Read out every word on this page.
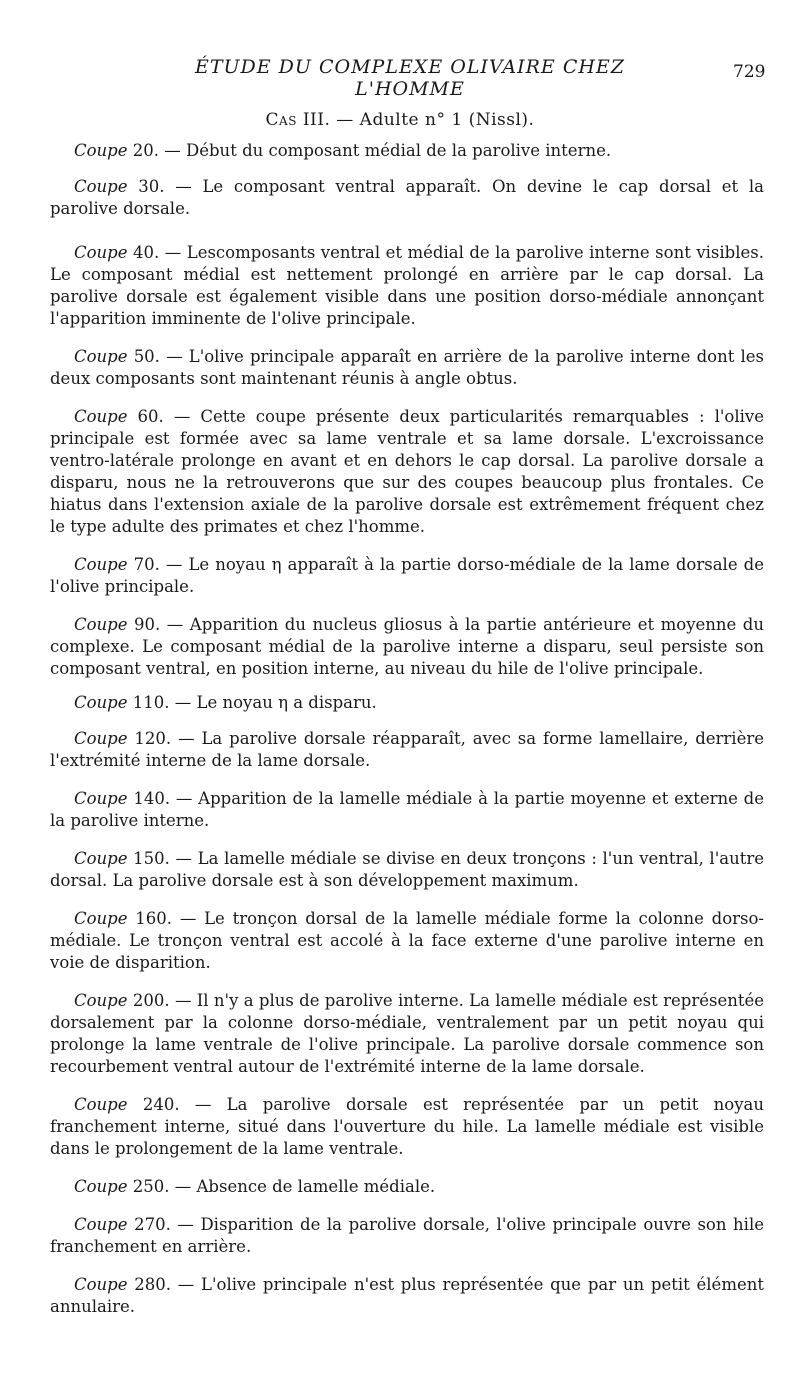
ÉTUDE DU COMPLEXE OLIVAIRE CHEZ L'HOMME
729
Cas III. — Adulte n° 1 (Nissl).

Coupe 20. — Début du composant médial de la parolive interne.

Coupe 30. — Le composant ventral apparaît. On devine le cap dorsal et la parolive dorsale.

Coupe 40. — Lescomposants ventral et médial de la parolive interne sont visibles. Le composant médial est nettement prolongé en arrière par le cap dorsal. La parolive dorsale est également visible dans une position dorso-médiale annonçant l'apparition imminente de l'olive principale.

Coupe 50. — L'olive principale apparaît en arrière de la parolive interne dont les deux composants sont maintenant réunis à angle obtus.

Coupe 60. — Cette coupe présente deux particularités remarquables : l'olive principale est formée avec sa lame ventrale et sa lame dorsale. L'excroissance ventro-latérale prolonge en avant et en dehors le cap dorsal. La parolive dorsale a disparu, nous ne la retrouverons que sur des coupes beaucoup plus frontales. Ce hiatus dans l'extension axiale de la parolive dorsale est extrêmement fréquent chez le type adulte des primates et chez l'homme.

Coupe 70. — Le noyau η apparaît à la partie dorso-médiale de la lame dorsale de l'olive principale.

Coupe 90. — Apparition du nucleus gliosus à la partie antérieure et moyenne du complexe. Le composant médial de la parolive interne a disparu, seul persiste son composant ventral, en position interne, au niveau du hile de l'olive principale.

Coupe 110. — Le noyau η a disparu.

Coupe 120. — La parolive dorsale réapparaît, avec sa forme lamellaire, derrière l'extrémité interne de la lame dorsale.

Coupe 140. — Apparition de la lamelle médiale à la partie moyenne et externe de la parolive interne.

Coupe 150. — La lamelle médiale se divise en deux tronçons : l'un ventral, l'autre dorsal. La parolive dorsale est à son développement maximum.

Coupe 160. — Le tronçon dorsal de la lamelle médiale forme la colonne dorso-médiale. Le tronçon ventral est accolé à la face externe d'une parolive interne en voie de disparition.

Coupe 200. — Il n'y a plus de parolive interne. La lamelle médiale est représentée dorsalement par la colonne dorso-médiale, ventralement par un petit noyau qui prolonge la lame ventrale de l'olive principale. La parolive dorsale commence son recourbement ventral autour de l'extrémité interne de la lame dorsale.

Coupe 240. — La parolive dorsale est représentée par un petit noyau franchement interne, situé dans l'ouverture du hile. La lamelle médiale est visible dans le prolongement de la lame ventrale.

Coupe 250. — Absence de lamelle médiale.

Coupe 270. — Disparition de la parolive dorsale, l'olive principale ouvre son hile franchement en arrière.

Coupe 280. — L'olive principale n'est plus représentée que par un petit élément annulaire.
